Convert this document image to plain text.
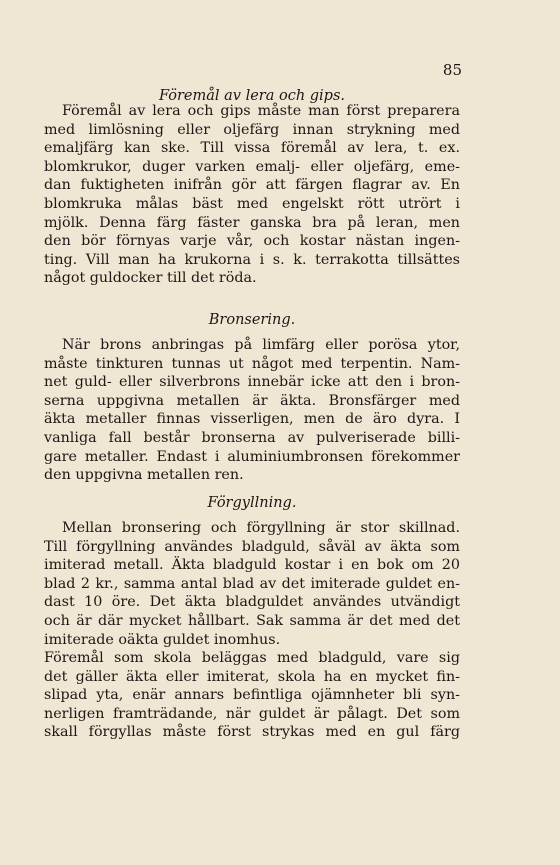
85
Föremål av lera och gips.
Föremål av lera och gips måste man först preparera
med limlösning eller oljefärg innan strykning med
emaljfärg kan ske. Till vissa föremål av lera, t. ex.
blomkrukor, duger varken emalj- eller oljefärg, eme-
dan fuktigheten inifrån gör att färgen flagrar av. En
blomkruka målas bäst med engelskt rött utrört i
mjölk. Denna färg fäster ganska bra på leran, men
den bör förnyas varje vår, och kostar nästan ingen-
ting. Vill man ha krukorna i s. k. terrakotta tillsättes
något guldocker till det röda.
Bronsering.
När brons anbringas på limfärg eller porösa ytor,
måste tinkturen tunnas ut något med terpentin. Nam-
net guld- eller silverbrons innebär icke att den i bron-
serna uppgivna metallen är äkta. Bronsfärger med
äkta metaller finnas visserligen, men de äro dyra. I
vanliga fall består bronserna av pulveriserade billi-
gare metaller. Endast i aluminiumbronsen förekommer
den uppgivna metallen ren.
Förgyllning.
Mellan bronsering och förgyllning är stor skillnad.
Till förgyllning användes bladguld, såväl av äkta som
imiterad metall. Äkta bladguld kostar i en bok om 20
blad 2 kr., samma antal blad av det imiterade guldet en-
dast 10 öre. Det äkta bladguldet användes utvändigt
och är där mycket hållbart. Sak samma är det med det
imiterade oäkta guldet inomhus.
Föremål som skola beläggas med bladguld, vare sig
det gäller äkta eller imiterat, skola ha en mycket fin-
slipad yta, enär annars befintliga ojämnheter bli syn-
nerligen framträdande, när guldet är pålagt. Det som
skall förgyllas måste först strykas med en gul färg
